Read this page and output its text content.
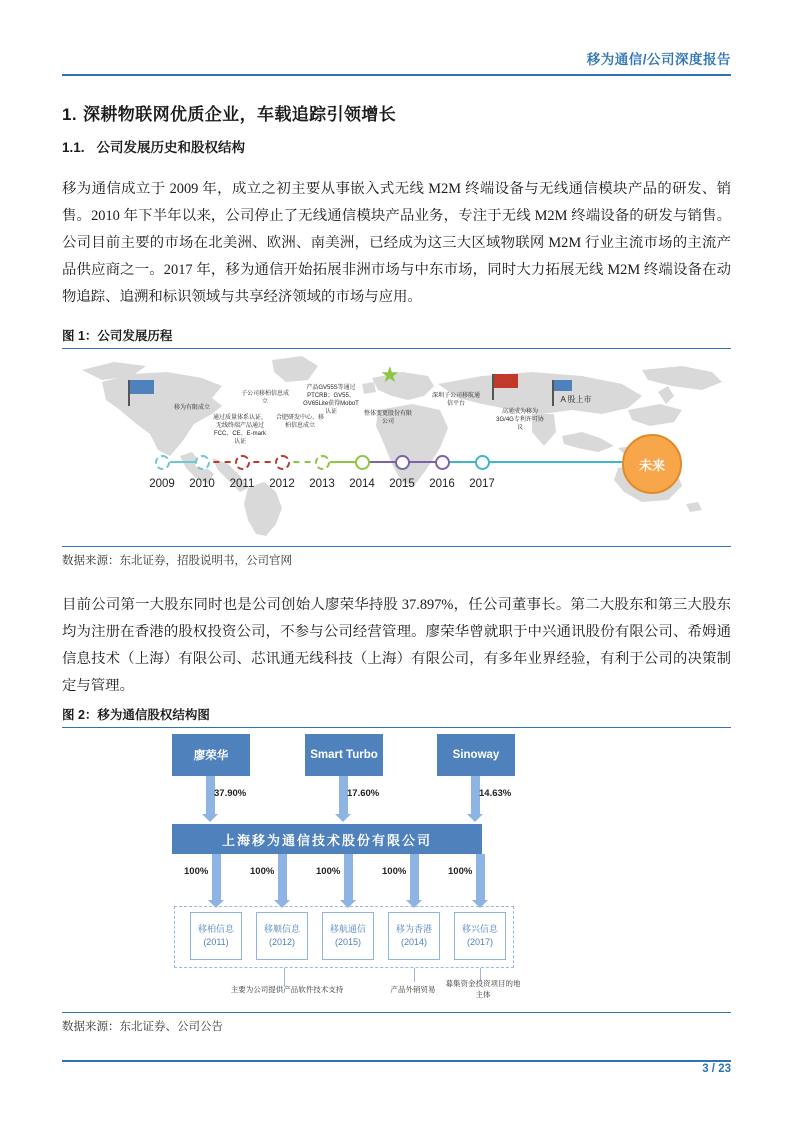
移为通信/公司深度报告
1. 深耕物联网优质企业，车载追踪引领增长
1.1. 公司发展历史和股权结构
移为通信成立于 2009 年，成立之初主要从事嵌入式无线 M2M 终端设备与无线通信模块产品的研发、销售。2010 年下半年以来，公司停止了无线通信模块产品业务，专注于无线 M2M 终端设备的研发与销售。公司目前主要的市场在北美洲、欧洲、南美洲，已经成为这三大区域物联网 M2M 行业主流市场的主流产品供应商之一。2017 年，移为通信开始拓展非洲市场与中东市场，同时大力拓展无线 M2M 终端设备在动物追踪、追溯和标识领域与共享经济领域的市场与应用。
图 1：公司发展历程
★
移为有限成立
子公司移柏信息成立
通过质量体系认证，无线终端产品通过FCC、CE、E-mark认证
合肥研发中心、移柏信息成立
产品GV55S等通过PTCRB；GV55、GV65Lite获得MoboT认证	整体变更股份有限公司
深圳子公司移航通信平台
高通成为移为3G/4G专利许可协议
A 股上市
2009	2010	2011	2012	2013	2014	2015	2016	2017
未来
数据来源：东北证券，招股说明书，公司官网
目前公司第一大股东同时也是公司创始人廖荣华持股 37.897%，任公司董事长。第二大股东和第三大股东均为注册在香港的股权投资公司，不参与公司经营管理。廖荣华曾就职于中兴通讯股份有限公司、希姆通信息技术（上海）有限公司、芯讯通无线科技（上海）有限公司，有多年业界经验，有利于公司的决策制定与管理。
图 2：移为通信股权结构图
廖荣华	Smart Turbo	Sinoway
37.90%	17.60%	14.63%
上海移为通信技术股份有限公司
100%	100%	100%	100%	100%
移柏信息
(2011)
移顺信息
(2012)
移航通信
(2015)
移为香港
(2014)
移兴信息
(2017)
主要为公司提供产品软件技术支持	产品外销贸易
募集资金投资项目的地主体
数据来源：东北证券、公司公告
3 / 23
